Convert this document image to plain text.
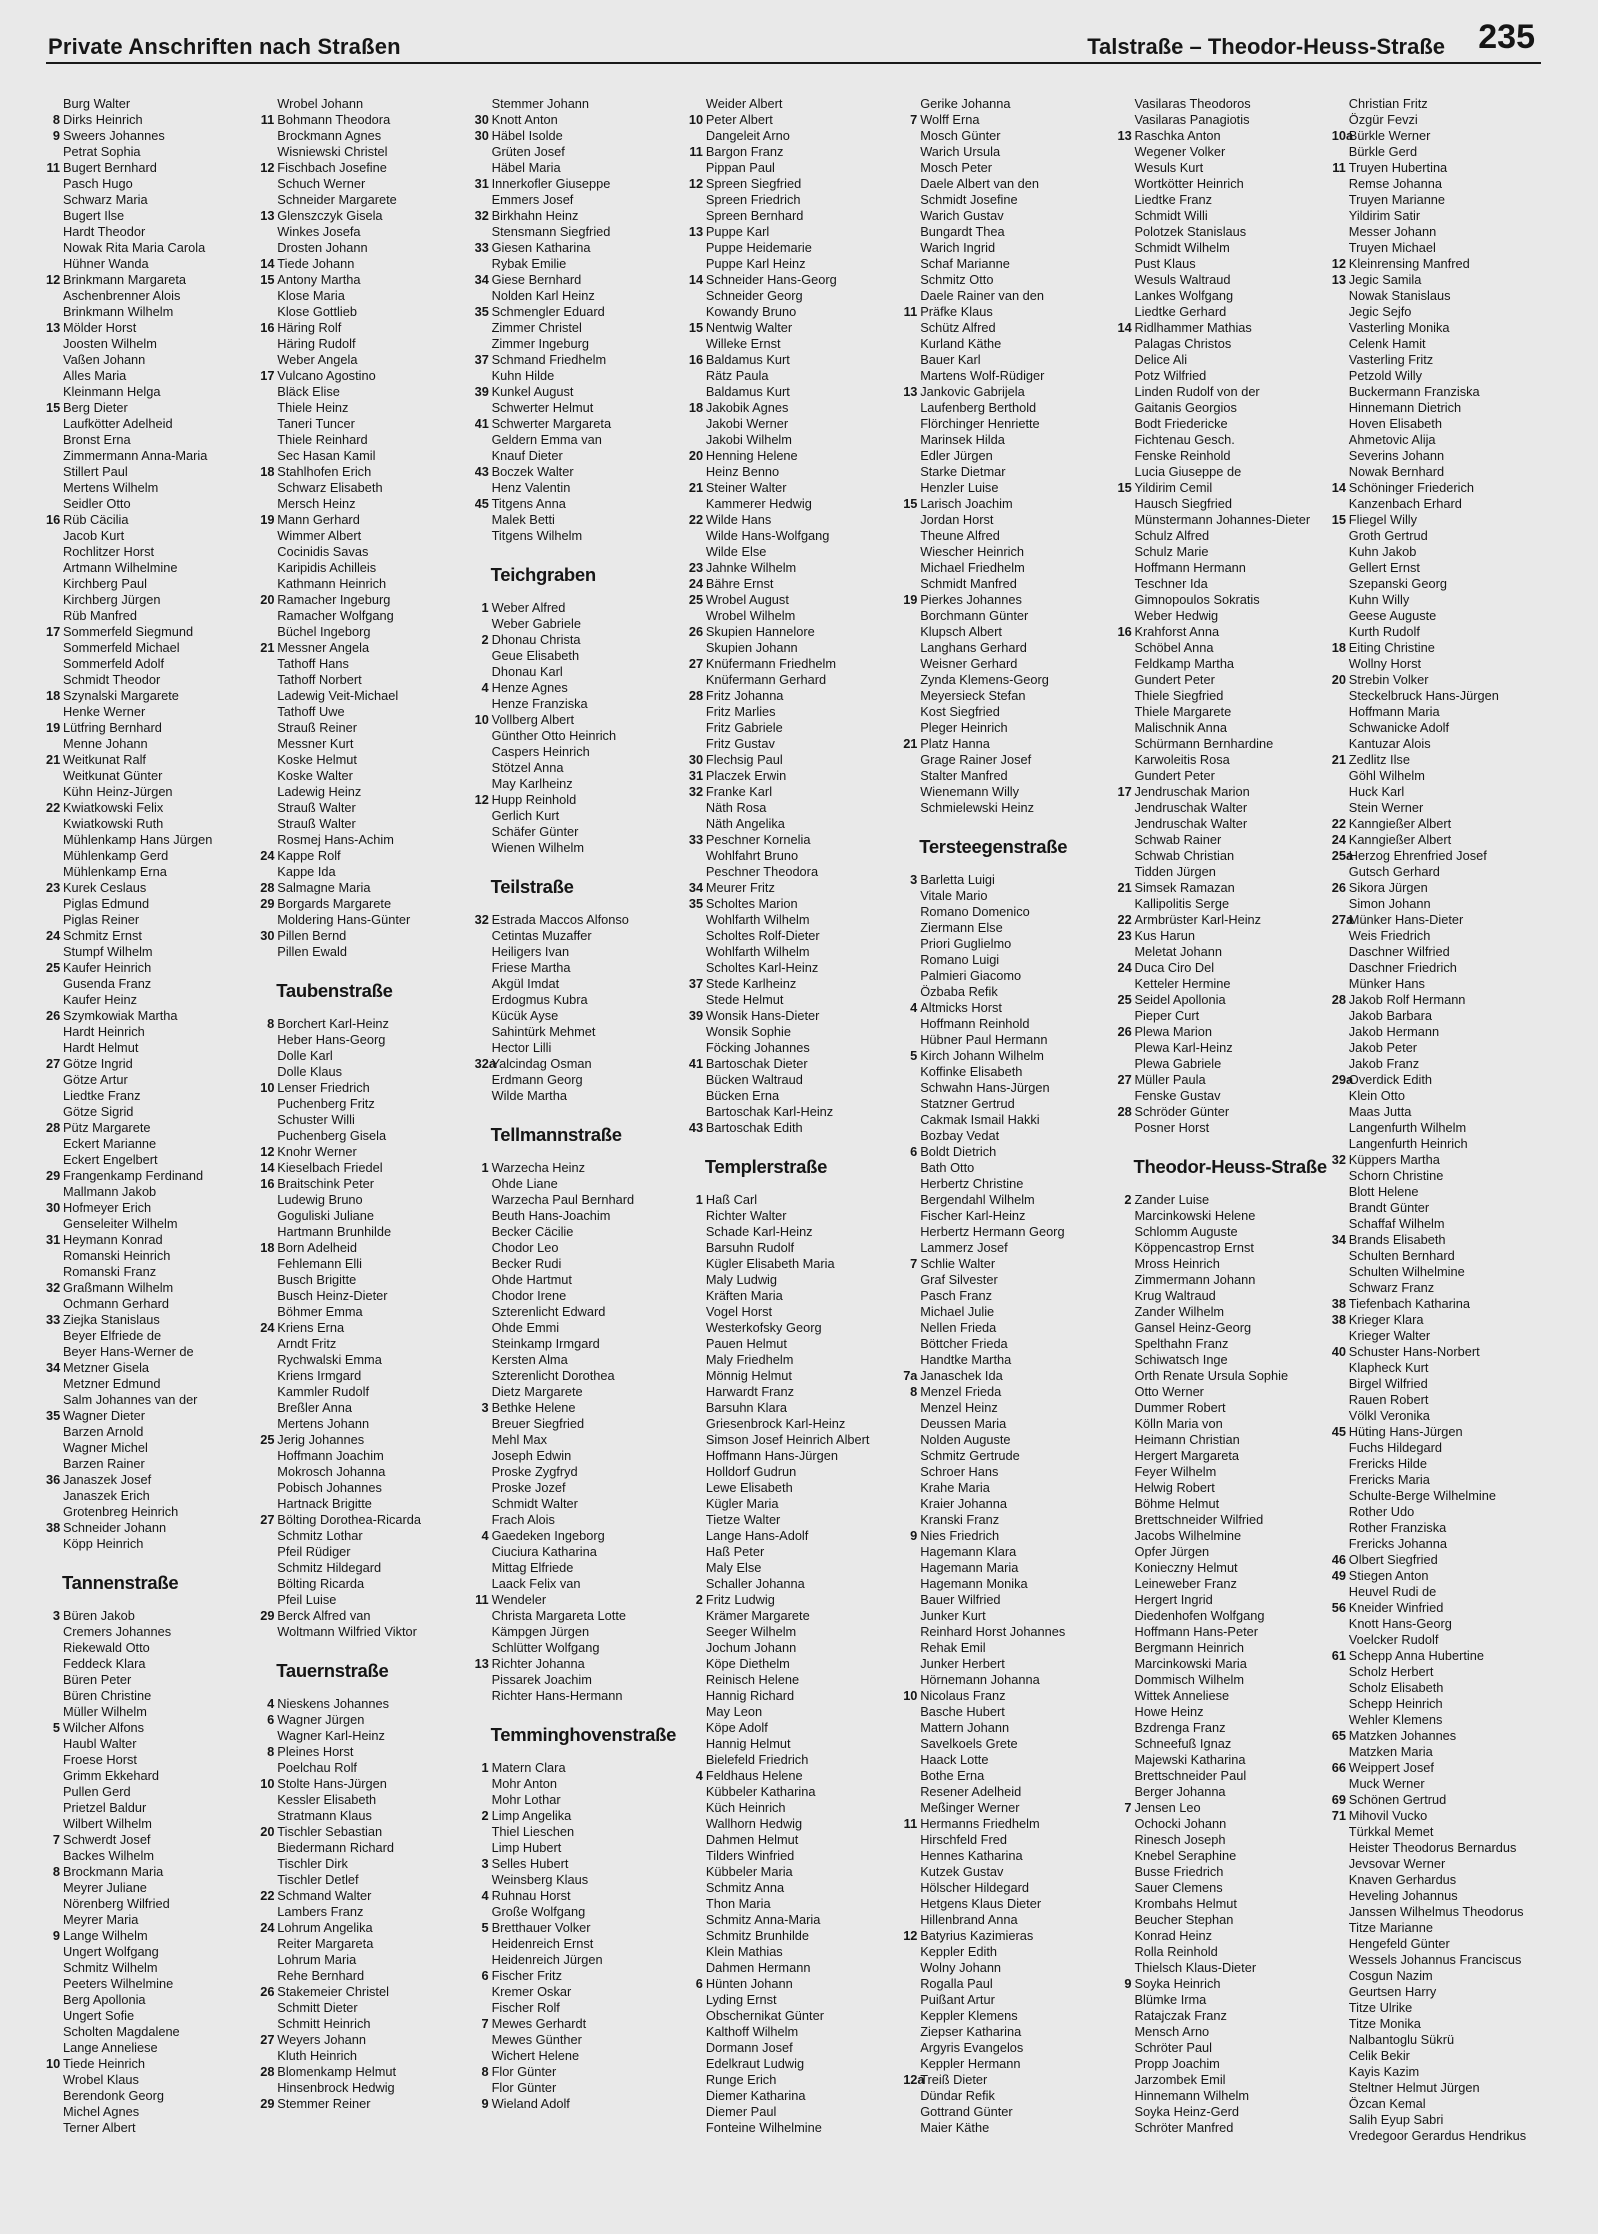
Private Anschriften nach Straßen	Talstraße – Theodor-Heuss-Straße 235
Burg Walter
8 Dirks Heinrich
9 Sweers Johannes
Petrat Sophia
11 Bugert Bernhard
Pasch Hugo
Schwarz Maria
Bugert Ilse
Hardt Theodor
Nowak Rita Maria Carola
Hühner Wanda
12 Brinkmann Margareta
Aschenbrenner Alois
Brinkmann Wilhelm
13 Mölder Horst
Joosten Wilhelm
Vaßen Johann
Alles Maria
Kleinmann Helga
15 Berg Dieter
Laufkötter Adelheid
Bronst Erna
Zimmermann Anna-Maria
Stillert Paul
Mertens Wilhelm
Seidler Otto
16 Rüb Cäcilia
Jacob Kurt
Rochlitzer Horst
Artmann Wilhelmine
Kirchberg Paul
Kirchberg Jürgen
Rüb Manfred
17 Sommerfeld Siegmund
Sommerfeld Michael
Sommerfeld Adolf
Schmidt Theodor
18 Szynalski Margarete
Henke Werner
19 Lütfring Bernhard
Menne Johann
21 Weitkunat Ralf
Weitkunat Günter
Kühn Heinz-Jürgen
22 Kwiatkowski Felix
Kwiatkowski Ruth
Mühlenkamp Hans Jürgen
Mühlenkamp Gerd
Mühlenkamp Erna
23 Kurek Ceslaus
Piglas Edmund
Piglas Reiner
24 Schmitz Ernst
Stumpf Wilhelm
25 Kaufer Heinrich
Gusenda Franz
Kaufer Heinz
26 Szymkowiak Martha
Hardt Heinrich
Hardt Helmut
27 Götze Ingrid
Götze Artur
Liedtke Franz
Götze Sigrid
28 Pütz Margarete
Eckert Marianne
Eckert Engelbert
29 Frangenkamp Ferdinand
Mallmann Jakob
30 Hofmeyer Erich
Genseleiter Wilhelm
31 Heymann Konrad
Romanski Heinrich
Romanski Franz
32 Graßmann Wilhelm
Ochmann Gerhard
33 Ziejka Stanislaus
Beyer Elfriede de
Beyer Hans-Werner de
34 Metzner Gisela
Metzner Edmund
Salm Johannes van der
35 Wagner Dieter
Barzen Arnold
Wagner Michel
Barzen Rainer
36 Janaszek Josef
Janaszek Erich
Grotenbreg Heinrich
38 Schneider Johann
Köpp Heinrich
Tannenstraße
3 Büren Jakob
Cremers Johannes
Riekewald Otto
Feddeck Klara
Büren Peter
Büren Christine
Müller Wilhelm
5 Wilcher Alfons
Haubl Walter
Froese Horst
Grimm Ekkehard
Pullen Gerd
Prietzel Baldur
Wilbert Wilhelm
7 Schwerdt Josef
Backes Wilhelm
8 Brockmann Maria
Meyrer Juliane
Nörenberg Wilfried
Meyrer Maria
9 Lange Wilhelm
Ungert Wolfgang
Schmitz Wilhelm
Peeters Wilhelmine
Berg Apollonia
Ungert Sofie
Scholten Magdalene
Lange Anneliese
10 Tiede Heinrich
Wrobel Klaus
Berendonk Georg
Michel Agnes
Terner Albert
Wrobel Johann
11 Bohmann Theodora
Brockmann Agnes
Wisniewski Christel
12 Fischbach Josefine
Schuch Werner
Schneider Margarete
13 Glenszczyk Gisela
Winkes Josefa
Drosten Johann
14 Tiede Johann
15 Antony Martha
Klose Maria
Klose Gottlieb
16 Häring Rolf
Häring Rudolf
Weber Angela
17 Vulcano Agostino
Bläck Elise
Thiele Heinz
Taneri Tuncer
Thiele Reinhard
Sec Hasan Kamil
18 Stahlhofen Erich
Schwarz Elisabeth
Mersch Heinz
19 Mann Gerhard
Wimmer Albert
Cocinidis Savas
Karipidis Achilleis
Kathmann Heinrich
20 Ramacher Ingeburg
Ramacher Wolfgang
Büchel Ingeborg
21 Messner Angela
Tathoff Hans
Tathoff Norbert
Ladewig Veit-Michael
Tathoff Uwe
Strauß Reiner
Messner Kurt
Koske Helmut
Koske Walter
Ladewig Heinz
Strauß Walter
Strauß Walter
Rosmej Hans-Achim
24 Kappe Rolf
Kappe Ida
28 Salmagne Maria
29 Borgards Margarete
Moldering Hans-Günter
30 Pillen Bernd
Pillen Ewald
Taubenstraße
8 Borchert Karl-Heinz
Heber Hans-Georg
Dolle Karl
Dolle Klaus
10 Lenser Friedrich
Puchenberg Fritz
Schuster Willi
Puchenberg Gisela
12 Knohr Werner
14 Kieselbach Friedel
16 Braitschink Peter
Ludewig Bruno
Goguliski Juliane
Hartmann Brunhilde
18 Born Adelheid
Fehlemann Elli
Busch Brigitte
Busch Heinz-Dieter
Böhmer Emma
24 Kriens Erna
Arndt Fritz
Rychwalski Emma
Kriens Irmgard
Kammler Rudolf
Breßler Anna
Mertens Johann
25 Jerig Johannes
Hoffmann Joachim
Mokrosch Johanna
Pobisch Johannes
Hartnack Brigitte
27 Bölting Dorothea-Ricarda
Schmitz Lothar
Pfeil Rüdiger
Schmitz Hildegard
Bölting Ricarda
Pfeil Luise
29 Berck Alfred van
Woltmann Wilfried Viktor
Tauernstraße
4 Nieskens Johannes
6 Wagner Jürgen
Wagner Karl-Heinz
8 Pleines Horst
Poelchau Rolf
10 Stolte Hans-Jürgen
Kessler Elisabeth
Stratmann Klaus
20 Tischler Sebastian
Biedermann Richard
Tischler Dirk
Tischler Detlef
22 Schmand Walter
Lambers Franz
24 Lohrum Angelika
Reiter Margareta
Lohrum Maria
Rehe Bernhard
26 Stakemeier Christel
Schmitt Dieter
Schmitt Heinrich
27 Weyers Johann
Kluth Heinrich
28 Blomenkamp Helmut
Hinsenbrock Hedwig
29 Stemmer Reiner
Stemmer Johann
30 Knott Anton
30 Häbel Isolde
Grüten Josef
Häbel Maria
31 Innerkofler Giuseppe
Emmers Josef
32 Birkhahn Heinz
Stensmann Siegfried
33 Giesen Katharina
Rybak Emilie
34 Giese Bernhard
Nolden Karl Heinz
35 Schmengler Eduard
Zimmer Christel
Zimmer Ingeburg
37 Schmand Friedhelm
Kuhn Hilde
39 Kunkel August
Schwerter Helmut
41 Schwerter Margareta
Geldern Emma van
Knauf Dieter
43 Boczek Walter
Henz Valentin
45 Titgens Anna
Malek Betti
Titgens Wilhelm
Teichgraben
1 Weber Alfred
Weber Gabriele
2 Dhonau Christa
Geue Elisabeth
Dhonau Karl
4 Henze Agnes
Henze Franziska
10 Vollberg Albert
Günther Otto Heinrich
Caspers Heinrich
Stötzel Anna
May Karlheinz
12 Hupp Reinhold
Gerlich Kurt
Schäfer Günter
Wienen Wilhelm
Teilstraße
32 Estrada Maccos Alfonso
Cetintas Muzaffer
Heiligers Ivan
Friese Martha
Akgül Imdat
Erdogmus Kubra
Kücük Ayse
Sahintürk Mehmet
Hector Lilli
32aYalcindag Osman
Erdmann Georg
Wilde Martha
Tellmannstraße
1 Warzecha Heinz
Ohde Liane
Warzecha Paul Bernhard
Beuth Hans-Joachim
Becker Cäcilie
Chodor Leo
Becker Rudi
Ohde Hartmut
Chodor Irene
Szterenlicht Edward
Ohde Emmi
Steinkamp Irmgard
Kersten Alma
Szterenlicht Dorothea
Dietz Margarete
3 Bethke Helene
Breuer Siegfried
Mehl Max
Joseph Edwin
Proske Zygfryd
Proske Jozef
Schmidt Walter
Frach Alois
4 Gaedeken Ingeborg
Ciuciura Katharina
Mittag Elfriede
Laack Felix van
11 Wendeler
Christa Margareta Lotte
Kämpgen Jürgen
Schlütter Wolfgang
13 Richter Johanna
Pissarek Joachim
Richter Hans-Hermann
Temminghovenstraße
1 Matern Clara
Mohr Anton
Mohr Lothar
2 Limp Angelika
Thiel Lieschen
Limp Hubert
3 Selles Hubert
Weinsberg Klaus
4 Ruhnau Horst
Große Wolfgang
5 Bretthauer Volker
Heidenreich Ernst
Heidenreich Jürgen
6 Fischer Fritz
Kremer Oskar
Fischer Rolf
7 Mewes Gerhardt
Mewes Günther
Wichert Helene
8 Flor Günter
Flor Günter
9 Wieland Adolf
Weider Albert
10 Peter Albert
Dangeleit Arno
11 Bargon Franz
Pippan Paul
12 Spreen Siegfried
Spreen Friedrich
Spreen Bernhard
13 Puppe Karl
Puppe Heidemarie
Puppe Karl Heinz
14 Schneider Hans-Georg
Schneider Georg
Kowandy Bruno
15 Nentwig Walter
Willeke Ernst
16 Baldamus Kurt
Rätz Paula
Baldamus Kurt
18 Jakobik Agnes
Jakobi Werner
Jakobi Wilhelm
20 Henning Helene
Heinz Benno
21 Steiner Walter
Kammerer Hedwig
22 Wilde Hans
Wilde Hans-Wolfgang
Wilde Else
23 Jahnke Wilhelm
24 Bähre Ernst
25 Wrobel August
Wrobel Wilhelm
26 Skupien Hannelore
Skupien Johann
27 Knüfermann Friedhelm
Knüfermann Gerhard
28 Fritz Johanna
Fritz Marlies
Fritz Gabriele
Fritz Gustav
30 Flechsig Paul
31 Placzek Erwin
32 Franke Karl
Näth Rosa
Näth Angelika
33 Peschner Kornelia
Wohlfahrt Bruno
Peschner Theodora
34 Meurer Fritz
35 Scholtes Marion
Wohlfarth Wilhelm
Scholtes Rolf-Dieter
Wohlfarth Wilhelm
Scholtes Karl-Heinz
37 Stede Karlheinz
Stede Helmut
39 Wonsik Hans-Dieter
Wonsik Sophie
Föcking Johannes
41 Bartoschak Dieter
Bücken Waltraud
Bücken Erna
Bartoschak Karl-Heinz
43 Bartoschak Edith
Templerstraße
1 Haß Carl
Richter Walter
Schade Karl-Heinz
Barsuhn Rudolf
Kügler Elisabeth Maria
Maly Ludwig
Kräften Maria
Vogel Horst
Westerkofsky Georg
Pauen Helmut
Maly Friedhelm
Mönnig Helmut
Harwardt Franz
Barsuhn Klara
Griesenbrock Karl-Heinz
Simson Josef Heinrich Albert
Hoffmann Hans-Jürgen
Holldorf Gudrun
Lewe Elisabeth
Kügler Maria
Tietze Walter
Lange Hans-Adolf
Haß Peter
Maly Else
Schaller Johanna
2 Fritz Ludwig
Krämer Margarete
Seeger Wilhelm
Jochum Johann
Köpe Diethelm
Reinisch Helene
Hannig Richard
May Leon
Köpe Adolf
Hannig Helmut
Bielefeld Friedrich
4 Feldhaus Helene
Kübbeler Katharina
Küch Heinrich
Wallhorn Hedwig
Dahmen Helmut
Tilders Winfried
Kübbeler Maria
Schmitz Anna
Thon Maria
Schmitz Anna-Maria
Schmitz Brunhilde
Klein Mathias
Dahmen Hermann
6 Hünten Johann
Lyding Ernst
Obschernikat Günter
Kalthoff Wilhelm
Dormann Josef
Edelkraut Ludwig
Runge Erich
Diemer Katharina
Diemer Paul
Fonteine Wilhelmine
Gerike Johanna
7 Wolff Erna
Mosch Günter
Warich Ursula
Mosch Peter
Daele Albert van den
Schmidt Josefine
Warich Gustav
Bungardt Thea
Warich Ingrid
Schaf Marianne
Schmitz Otto
Daele Rainer van den
11 Präfke Klaus
Schütz Alfred
Kurland Käthe
Bauer Karl
Martens Wolf-Rüdiger
13 Jankovic Gabrijela
Laufenberg Berthold
Flörchinger Henriette
Marinsek Hilda
Edler Jürgen
Starke Dietmar
Henzler Luise
15 Larisch Joachim
Jordan Horst
Theune Alfred
Wiescher Heinrich
Michael Friedhelm
Schmidt Manfred
19 Pierkes Johannes
Borchmann Günter
Klupsch Albert
Langhans Gerhard
Weisner Gerhard
Zynda Klemens-Georg
Meyersieck Stefan
Kost Siegfried
Pleger Heinrich
21 Platz Hanna
Grage Rainer Josef
Stalter Manfred
Wienemann Willy
Schmielewski Heinz
Tersteegenstraße
3 Barletta Luigi
Vitale Mario
Romano Domenico
Ziermann Else
Priori Guglielmo
Romano Luigi
Palmieri Giacomo
Özbaba Refik
4 Altmicks Horst
Hoffmann Reinhold
Hübner Paul Hermann
5 Kirch Johann Wilhelm
Koffinke Elisabeth
Schwahn Hans-Jürgen
Statzner Gertrud
Cakmak Ismail Hakki
Bozbay Vedat
6 Boldt Dietrich
Bath Otto
Herbertz Christine
Bergendahl Wilhelm
Fischer Karl-Heinz
Herbertz Hermann Georg
Lammerz Josef
7 Schlie Walter
Graf Silvester
Pasch Franz
Michael Julie
Nellen Frieda
Böttcher Frieda
Handtke Martha
7a Janaschek Ida
8 Menzel Frieda
Menzel Heinz
Deussen Maria
Nolden Auguste
Schmitz Gertrude
Schroer Hans
Krahe Maria
Kraier Johanna
Kranski Franz
9 Nies Friedrich
Hagemann Klara
Hagemann Maria
Hagemann Monika
Bauer Wilfried
Junker Kurt
Reinhard Horst Johannes
Rehak Emil
Junker Herbert
Hörnemann Johanna
10 Nicolaus Franz
Basche Hubert
Mattern Johann
Savelkoels Grete
Haack Lotte
Bothe Erna
Resener Adelheid
Meßinger Werner
11 Hermanns Friedhelm
Hirschfeld Fred
Hennes Katharina
Kutzek Gustav
Hölscher Hildegard
Hetgens Klaus Dieter
Hillenbrand Anna
12 Batyrius Kazimieras
Keppler Edith
Wolny Johann
Rogalla Paul
Puißant Artur
Keppler Klemens
Ziepser Katharina
Argyris Evangelos
Keppler Hermann
12aTreiß Dieter
Dündar Refik
Gottrand Günter
Maier Käthe
Vasilaras Theodoros
Vasilaras Panagiotis
13 Raschka Anton
Wegener Volker
Wesuls Kurt
Wortkötter Heinrich
Liedtke Franz
Schmidt Willi
Polotzek Stanislaus
Schmidt Wilhelm
Pust Klaus
Wesuls Waltraud
Lankes Wolfgang
Liedtke Gerhard
14 Ridlhammer Mathias
Palagas Christos
Delice Ali
Potz Wilfried
Linden Rudolf von der
Gaitanis Georgios
Bodt Friedericke
Fichtenau Gesch.
Fenske Reinhold
Lucia Giuseppe de
15 Yildirim Cemil
Hausch Siegfried
Münstermann Johannes-Dieter
Schulz Alfred
Schulz Marie
Hoffmann Hermann
Teschner Ida
Gimnopoulos Sokratis
Weber Hedwig
16 Krahforst Anna
Schöbel Anna
Feldkamp Martha
Gundert Peter
Thiele Siegfried
Thiele Margarete
Malischnik Anna
Schürmann Bernhardine
Karwoleitis Rosa
Gundert Peter
17 Jendruschak Marion
Jendruschak Walter
Jendruschak Walter
Schwab Rainer
Schwab Christian
Tidden Jürgen
21 Simsek Ramazan
Kallipolitis Serge
22 Armbrüster Karl-Heinz
23 Kus Harun
Meletat Johann
24 Duca Ciro Del
Ketteler Hermine
25 Seidel Apollonia
Pieper Curt
26 Plewa Marion
Plewa Karl-Heinz
Plewa Gabriele
27 Müller Paula
Fenske Gustav
28 Schröder Günter
Posner Horst
Theodor-Heuss-Straße
2 Zander Luise
Marcinkowski Helene
Schlomm Auguste
Köppencastrop Ernst
Mross Heinrich
Zimmermann Johann
Krug Waltraud
Zander Wilhelm
Gansel Heinz-Georg
Spelthahn Franz
Schiwatsch Inge
Orth Renate Ursula Sophie
Otto Werner
Dummer Robert
Kölln Maria von
Heimann Christian
Hergert Margareta
Feyer Wilhelm
Helwig Robert
Böhme Helmut
Brettschneider Wilfried
Jacobs Wilhelmine
Opfer Jürgen
Konieczny Helmut
Leineweber Franz
Hergert Ingrid
Diedenhofen Wolfgang
Hoffmann Hans-Peter
Bergmann Heinrich
Marcinkowski Maria
Dommisch Wilhelm
Wittek Anneliese
Howe Heinz
Bzdrenga Franz
Schneefuß Ignaz
Majewski Katharina
Brettschneider Paul
Berger Johanna
7 Jensen Leo
Ochocki Johann
Rinesch Joseph
Knebel Seraphine
Busse Friedrich
Sauer Clemens
Krombahs Helmut
Beucher Stephan
Konrad Heinz
Rolla Reinhold
Thielsch Klaus-Dieter
9 Soyka Heinrich
Blümke Irma
Ratajczak Franz
Mensch Arno
Schröter Paul
Propp Joachim
Jarzombek Emil
Hinnemann Wilhelm
Soyka Heinz-Gerd
Schröter Manfred
Christian Fritz
Özgür Fevzi
10aBürkle Werner
Bürkle Gerd
11 Truyen Hubertina
Remse Johanna
Truyen Marianne
Yildirim Satir
Messer Johann
Truyen Michael
12 Kleinrensing Manfred
13 Jegic Samila
Nowak Stanislaus
Jegic Sejfo
Vasterling Monika
Celenk Hamit
Vasterling Fritz
Petzold Willy
Buckermann Franziska
Hinnemann Dietrich
Hoven Elisabeth
Ahmetovic Alija
Severins Johann
Nowak Bernhard
14 Schöninger Friederich
Kanzenbach Erhard
15 Fliegel Willy
Groth Gertrud
Kuhn Jakob
Gellert Ernst
Szepanski Georg
Kuhn Willy
Geese Auguste
Kurth Rudolf
18 Eiting Christine
Wollny Horst
20 Strebin Volker
Steckelbruck Hans-Jürgen
Hoffmann Maria
Schwanicke Adolf
Kantuzar Alois
21 Zedlitz Ilse
Göhl Wilhelm
Huck Karl
Stein Werner
22 Kanngießer Albert
24 Kanngießer Albert
25aHerzog Ehrenfried Josef
Gutsch Gerhard
26 Sikora Jürgen
Simon Johann
27aMünker Hans-Dieter
Weis Friedrich
Daschner Wilfried
Daschner Friedrich
Münker Hans
28 Jakob Rolf Hermann
Jakob Barbara
Jakob Hermann
Jakob Peter
Jakob Franz
29aOverdick Edith
Klein Otto
Maas Jutta
Langenfurth Wilhelm
Langenfurth Heinrich
32 Küppers Martha
Schorn Christine
Blott Helene
Brandt Günter
Schaffaf Wilhelm
34 Brands Elisabeth
Schulten Bernhard
Schulten Wilhelmine
Schwarz Franz
38 Tiefenbach Katharina
38 Krieger Klara
Krieger Walter
40 Schuster Hans-Norbert
Klapheck Kurt
Birgel Wilfried
Rauen Robert
Völkl Veronika
45 Hüting Hans-Jürgen
Fuchs Hildegard
Frericks Hilde
Frericks Maria
Schulte-Berge Wilhelmine
Rother Udo
Rother Franziska
Frericks Johanna
46 Olbert Siegfried
49 Stiegen Anton
Heuvel Rudi de
56 Kneider Winfried
Knott Hans-Georg
Voelcker Rudolf
61 Schepp Anna Hubertine
Scholz Herbert
Scholz Elisabeth
Schepp Heinrich
Wehler Klemens
65 Matzken Johannes
Matzken Maria
66 Weippert Josef
Muck Werner
69 Schönen Gertrud
71 Mihovil Vucko
Türkkal Memet
Heister Theodorus Bernardus
Jevsovar Werner
Knaven Gerhardus
Heveling Johannus
Janssen Wilhelmus Theodorus
Titze Marianne
Hengefeld Günter
Wessels Johannus Franciscus
Cosgun Nazim
Geurtsen Harry
Titze Ulrike
Titze Monika
Nalbantoglu Sükrü
Celik Bekir
Kayis Kazim
Steltner Helmut Jürgen
Özcan Kemal
Salih Eyup Sabri
Vredegoor Gerardus Hendrikus
